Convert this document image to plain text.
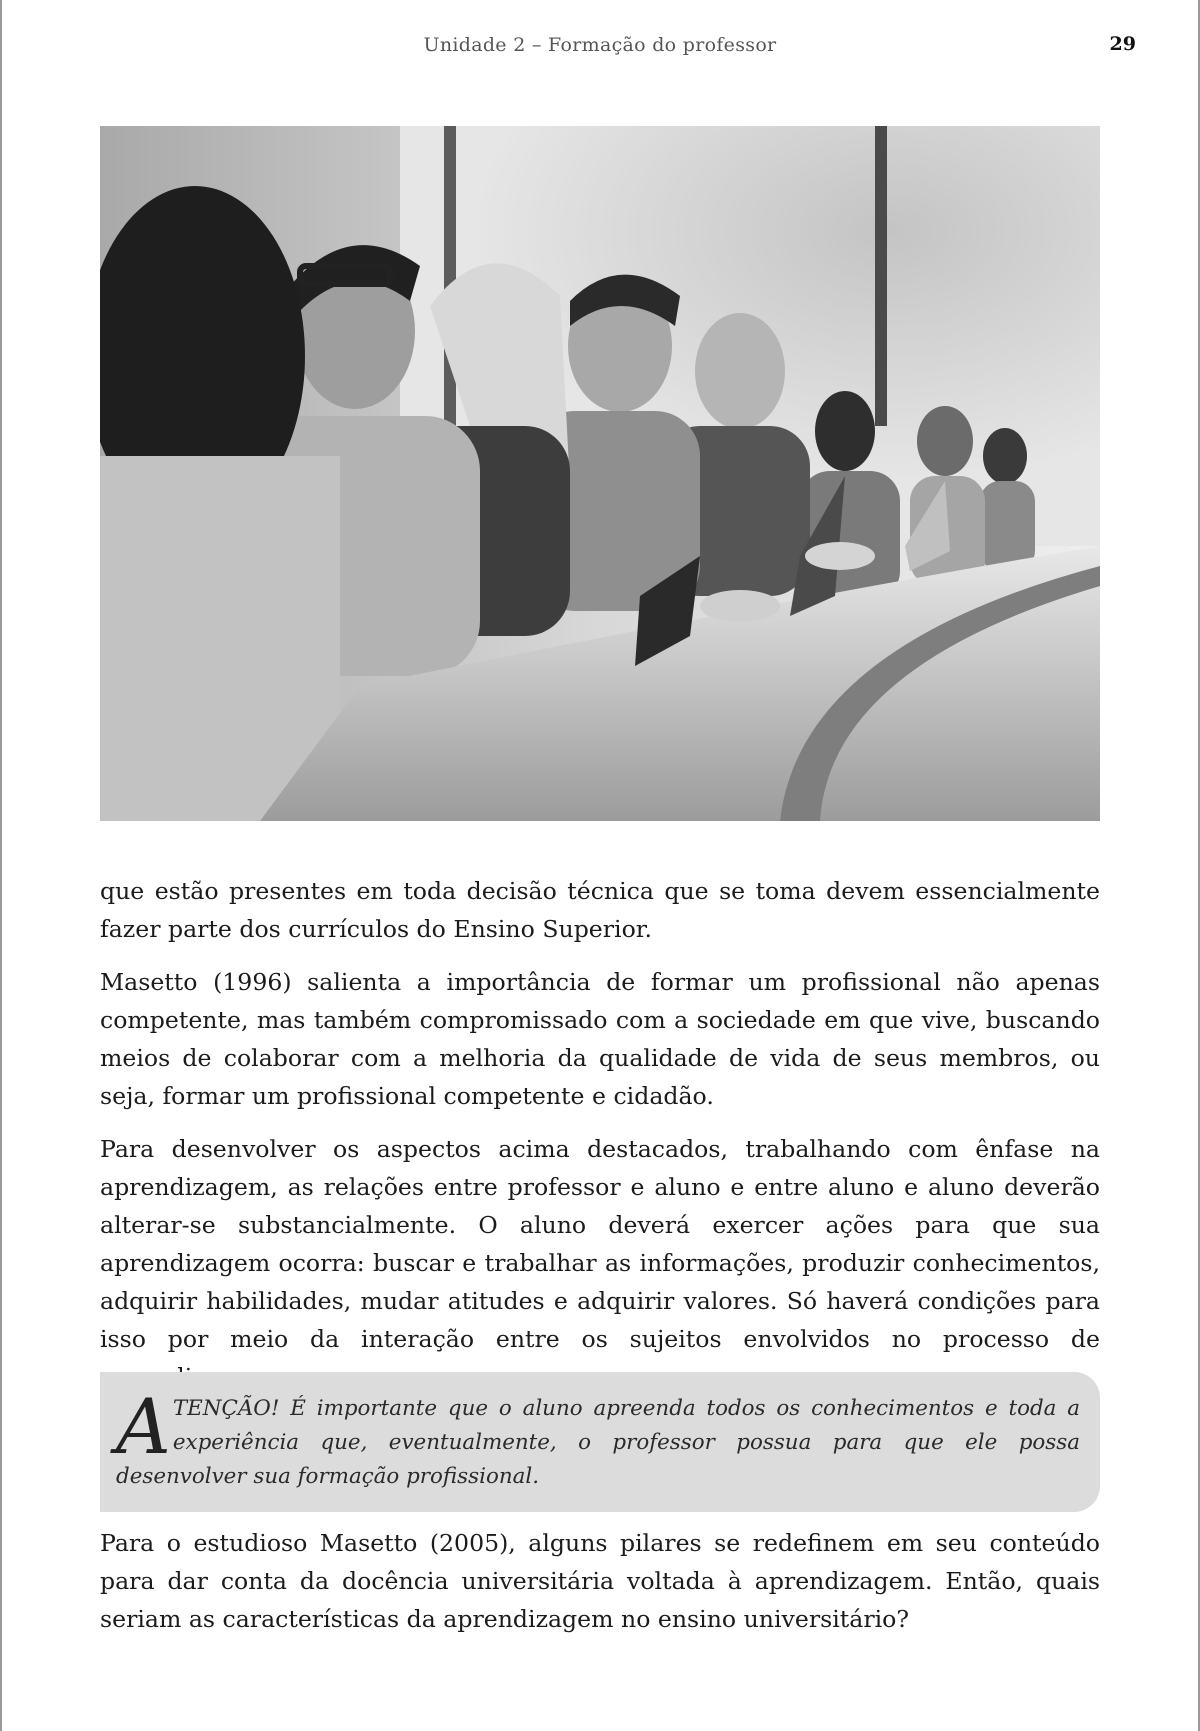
Unidade 2 – Formação do professor	29

que estão presentes em toda decisão técnica que se toma devem essencialmente fazer parte dos currículos do Ensino Superior.

Masetto (1996) salienta a importância de formar um profissional não apenas competente, mas também compromissado com a sociedade em que vive, buscando meios de colaborar com a melhoria da qualidade de vida de seus membros, ou seja, formar um profissional competente e cidadão.

Para desenvolver os aspectos acima destacados, trabalhando com ênfase na aprendizagem, as relações entre professor e aluno e entre aluno e aluno deverão alterar-se substancialmente. O aluno deverá exercer ações para que sua aprendizagem ocorra: buscar e trabalhar as informações, produzir conhecimentos, adquirir habilidades, mudar atitudes e adquirir valores. Só haverá condições para isso por meio da interação entre os sujeitos envolvidos no processo de

A TENÇÃO! É importante que o aluno apreenda todos os conhecimentos e toda a experiência que, eventualmente, o professor possua para que ele possa desenvolver sua formação profissional.

Para o estudioso Masetto (2005), alguns pilares se redefinem em seu conteúdo para dar conta da docência universitária voltada à aprendizagem. Então, quais seriam as características da aprendizagem no ensino universitário?
